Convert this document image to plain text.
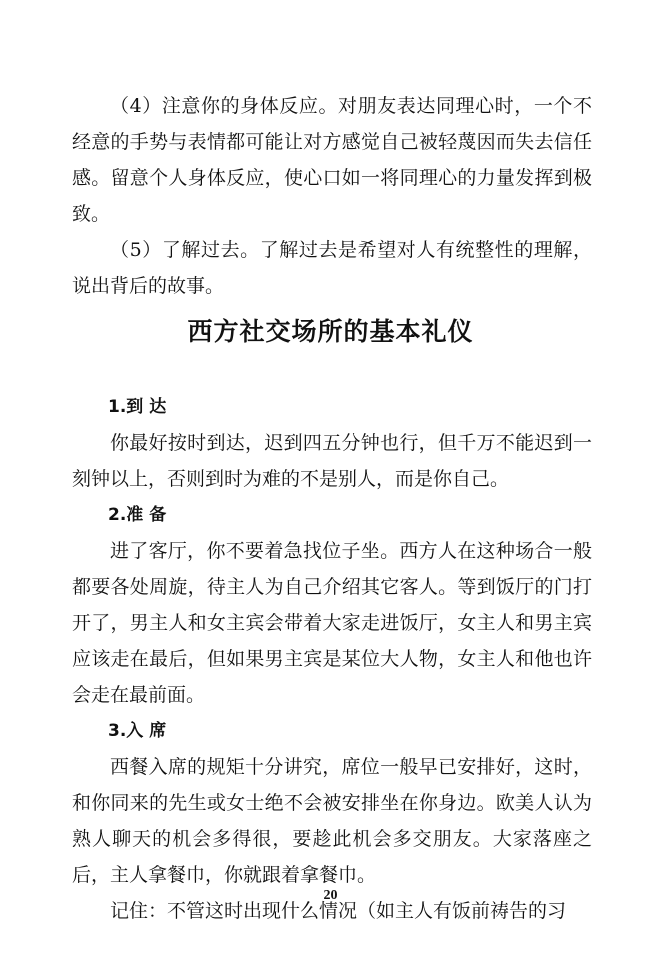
（4）注意你的身体反应。对朋友表达同理心时，一个不经意的手势与表情都可能让对方感觉自己被轻蔑因而失去信任感。留意个人身体反应，使心口如一将同理心的力量发挥到极致。

（5）了解过去。了解过去是希望对人有统整性的理解，说出背后的故事。

西方社交场所的基本礼仪

1.到 达

你最好按时到达，迟到四五分钟也行，但千万不能迟到一刻钟以上，否则到时为难的不是别人，而是你自己。

2.准 备

进了客厅，你不要着急找位子坐。西方人在这种场合一般都要各处周旋，待主人为自己介绍其它客人。等到饭厅的门打开了，男主人和女主宾会带着大家走进饭厅，女主人和男主宾应该走在最后，但如果男主宾是某位大人物，女主人和他也许会走在最前面。

3.入 席

西餐入席的规矩十分讲究，席位一般早已安排好，这时，和你同来的先生或女士绝不会被安排坐在你身边。欧美人认为熟人聊天的机会多得很，要趁此机会多交朋友。大家落座之后，主人拿餐巾，你就跟着拿餐巾。

记住：不管这时出现什么情况（如主人有饭前祷告的习

20
